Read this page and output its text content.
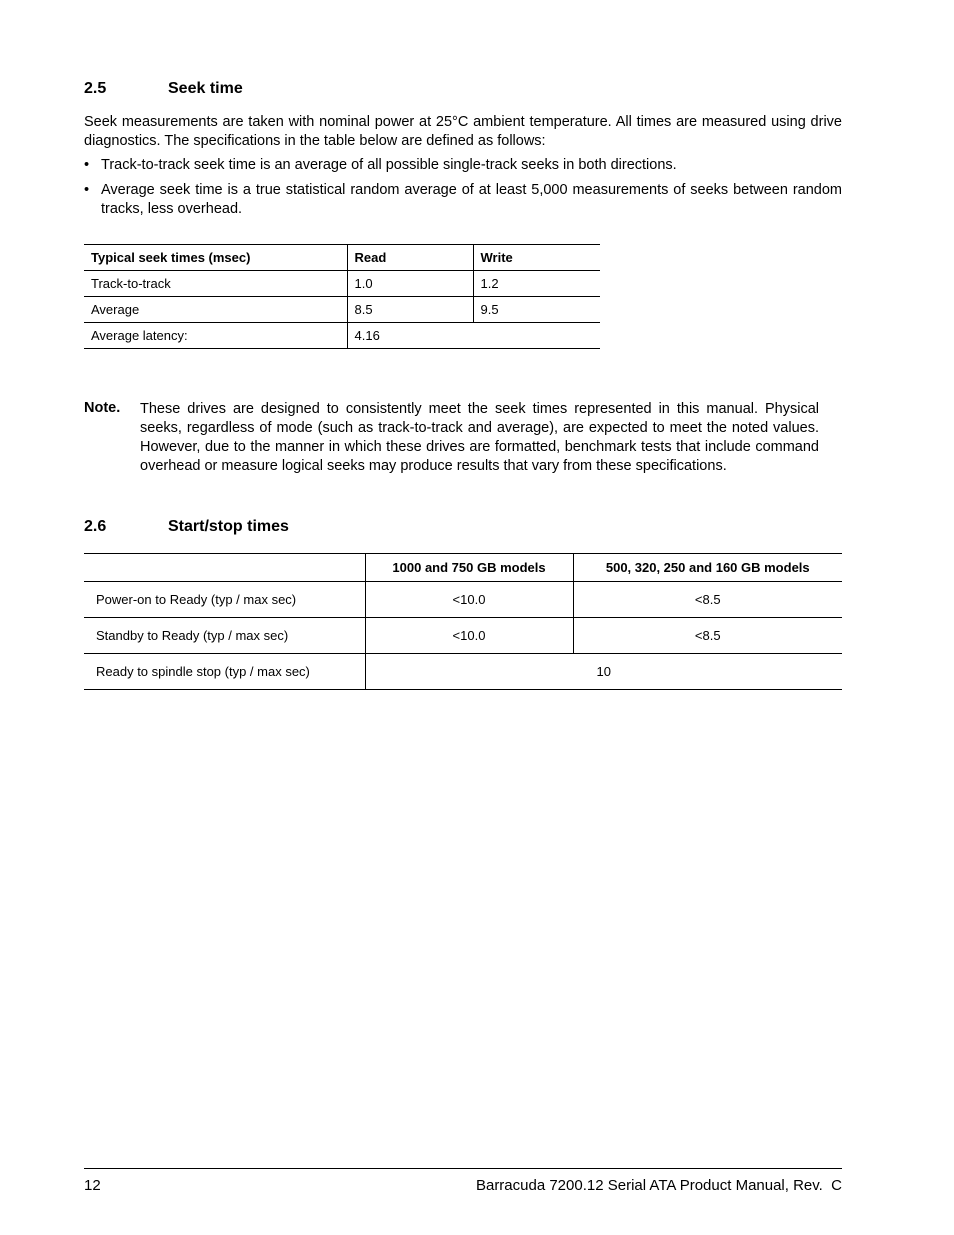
2.5	Seek time
Seek measurements are taken with nominal power at 25°C ambient temperature. All times are measured using drive diagnostics. The specifications in the table below are defined as follows:
• Track-to-track seek time is an average of all possible single-track seeks in both directions.
• Average seek time is a true statistical random average of at least 5,000 measurements of seeks between random tracks, less overhead.
Typical seek times (msec)	Read	Write
Track-to-track	1.0	1.2
Average	8.5	9.5
Average latency:	4.16	
Note. These drives are designed to consistently meet the seek times represented in this manual. Physical seeks, regardless of mode (such as track-to-track and average), are expected to meet the noted values. However, due to the manner in which these drives are formatted, benchmark tests that include command overhead or measure logical seeks may produce results that vary from these specifications.
2.6	Start/stop times
	1000 and 750 GB models	500, 320, 250 and 160 GB models
Power-on to Ready (typ / max sec)	<10.0	<8.5
Standby to Ready (typ / max sec)	<10.0	<8.5
Ready to spindle stop (typ / max sec)	10	
12	Barracuda 7200.12 Serial ATA Product Manual, Rev.  C
